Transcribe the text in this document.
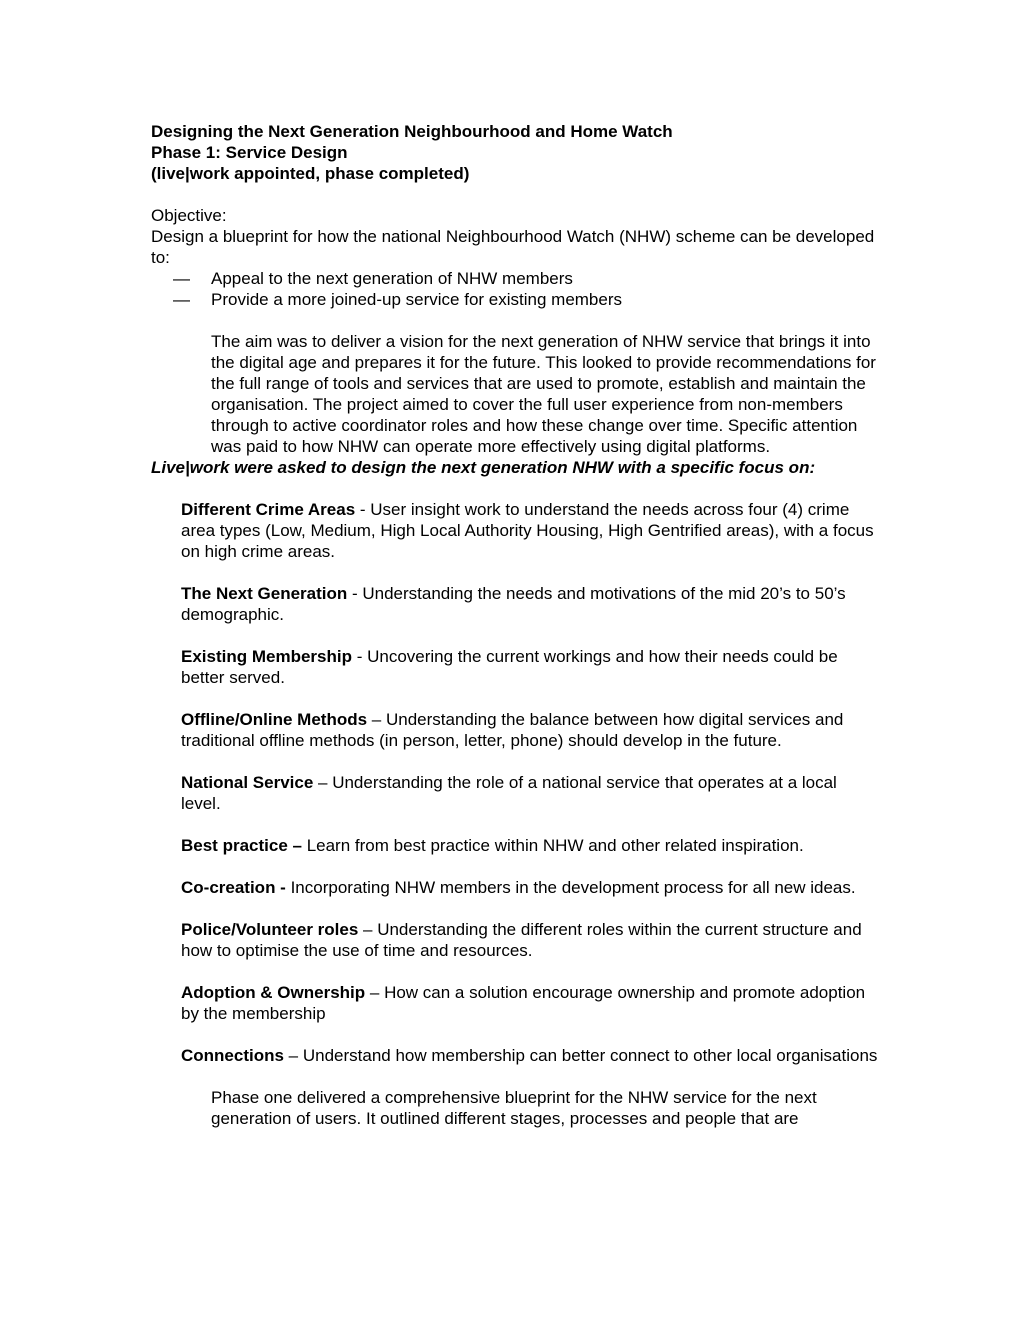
Designing the Next Generation Neighbourhood and Home Watch

Phase 1: Service Design

(live|work appointed, phase completed)

Objective:

Design a blueprint for how the national Neighbourhood Watch (NHW) scheme can be developed to:

— Appeal to the next generation of NHW members
— Provide a more joined-up service for existing members

The aim was to deliver a vision for the next generation of NHW service that brings it into the digital age and prepares it for the future. This looked to provide recommendations for the full range of tools and services that are used to promote, establish and maintain the organisation. The project aimed to cover the full user experience from non-members through to active coordinator roles and how these change over time. Specific attention was paid to how NHW can operate more effectively using digital platforms.

Live|work were asked to design the next generation NHW with a specific focus on:

Different Crime Areas - User insight work to understand the needs across four (4) crime area types (Low, Medium, High Local Authority Housing, High Gentrified areas), with a focus on high crime areas.

The Next Generation - Understanding the needs and motivations of the mid 20’s to 50’s demographic.

Existing Membership - Uncovering the current workings and how their needs could be better served.

Offline/Online Methods – Understanding the balance between how digital services and traditional offline methods (in person, letter, phone) should develop in the future.

National Service – Understanding the role of a national service that operates at a local level.

Best practice – Learn from best practice within NHW and other related inspiration.

Co-creation - Incorporating NHW members in the development process for all new ideas.

Police/Volunteer roles – Understanding the different roles within the current structure and how to optimise the use of time and resources.

Adoption & Ownership – How can a solution encourage ownership and promote adoption by the membership

Connections – Understand how membership can better connect to other local organisations

Phase one delivered a comprehensive blueprint for the NHW service for the next generation of users. It outlined different stages, processes and people that are
